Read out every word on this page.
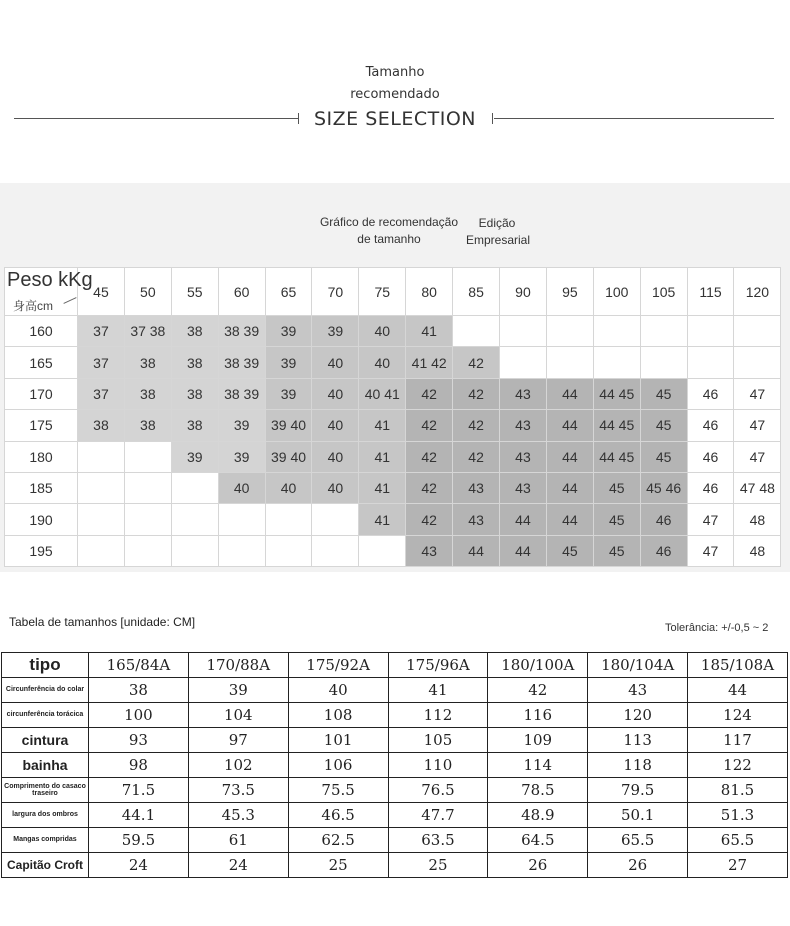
Tamanho
recomendado
SIZE SELECTION
Gráfico de recomendação de tamanho
Edição Empresarial
Peso kKg
身高cm	45	50	55	60	65	70	75	80	85	90	95	100	105	115	120
160	37	37 38	38	38 39	39	39	40	41							
165	37	38	38	38 39	39	40	40	41 42	42						
170	37	38	38	38 39	39	40	40 41	42	42	43	44	44 45	45	46	47
175	38	38	38	39	39 40	40	41	42	42	43	44	44 45	45	46	47
180			39	39	39 40	40	41	42	42	43	44	44 45	45	46	47
185				40	40	40	41	42	43	43	44	45	45 46	46	47 48
190							41	42	43	44	44	45	46	47	48
195								43	44	44	45	45	46	47	48
Tabela de tamanhos [unidade: CM]	Tolerância: +/-0,5 ~ 2
tipo	165/84A	170/88A	175/92A	175/96A	180/100A	180/104A	185/108A
Circunferência do colar	38	39	40	41	42	43	44
circunferência torácica	100	104	108	112	116	120	124
cintura	93	97	101	105	109	113	117
bainha	98	102	106	110	114	118	122
Comprimento do casaco traseiro	71.5	73.5	75.5	76.5	78.5	79.5	81.5
largura dos ombros	44.1	45.3	46.5	47.7	48.9	50.1	51.3
Mangas compridas	59.5	61	62.5	63.5	64.5	65.5	65.5
Capitão Croft	24	24	25	25	26	26	27
